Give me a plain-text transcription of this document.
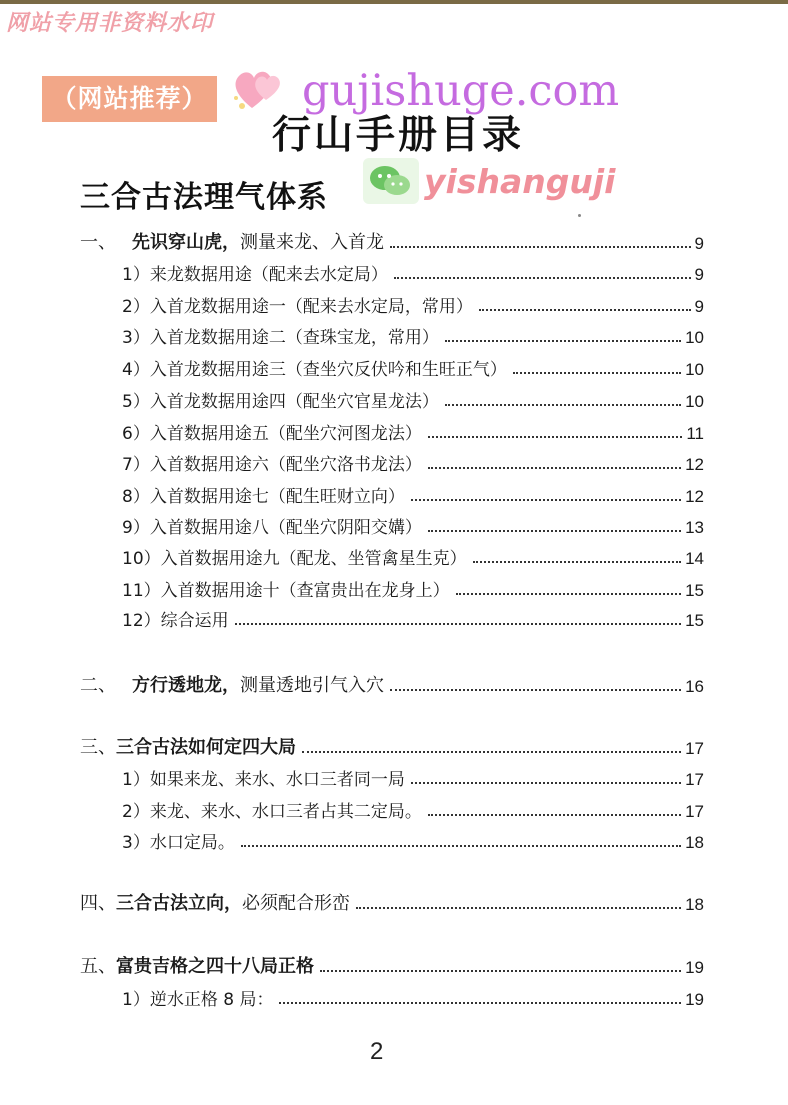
网站专用非资料水印
（网站推荐） gujishuge.com
行山手册目录
三合古法理气体系	yishanguji
一、 先识穿山虎， 测量来龙、入首龙	9
1） 来龙数据用途（配来去水定局）	9
2） 入首龙数据用途一（配来去水定局，常用）	9
3） 入首龙数据用途二（查珠宝龙，常用）	10
4） 入首龙数据用途三（查坐穴反伏吟和生旺正气）	10
5） 入首龙数据用途四（配坐穴官星龙法）	10
6） 入首数据用途五（配坐穴河图龙法）	11
7） 入首数据用途六（配坐穴洛书龙法）	12
8） 入首数据用途七（配生旺财立向）	12
9） 入首数据用途八（配坐穴阴阳交媾）	13
10） 入首数据用途九（配龙、坐管禽星生克）	14
11） 入首数据用途十（查富贵出在龙身上）	15
12） 综合运用	15
二、 方行透地龙， 测量透地引气入穴	16
三、 三合古法如何定四大局	17
1） 如果来龙、来水、水口三者同一局	17
2） 来龙、来水、水口三者占其二定局。	17
3） 水口定局。	18
四、 三合古法立向， 必须配合形峦	18
五、 富贵吉格之四十八局正格	19
1） 逆水正格 8 局：	19
2
